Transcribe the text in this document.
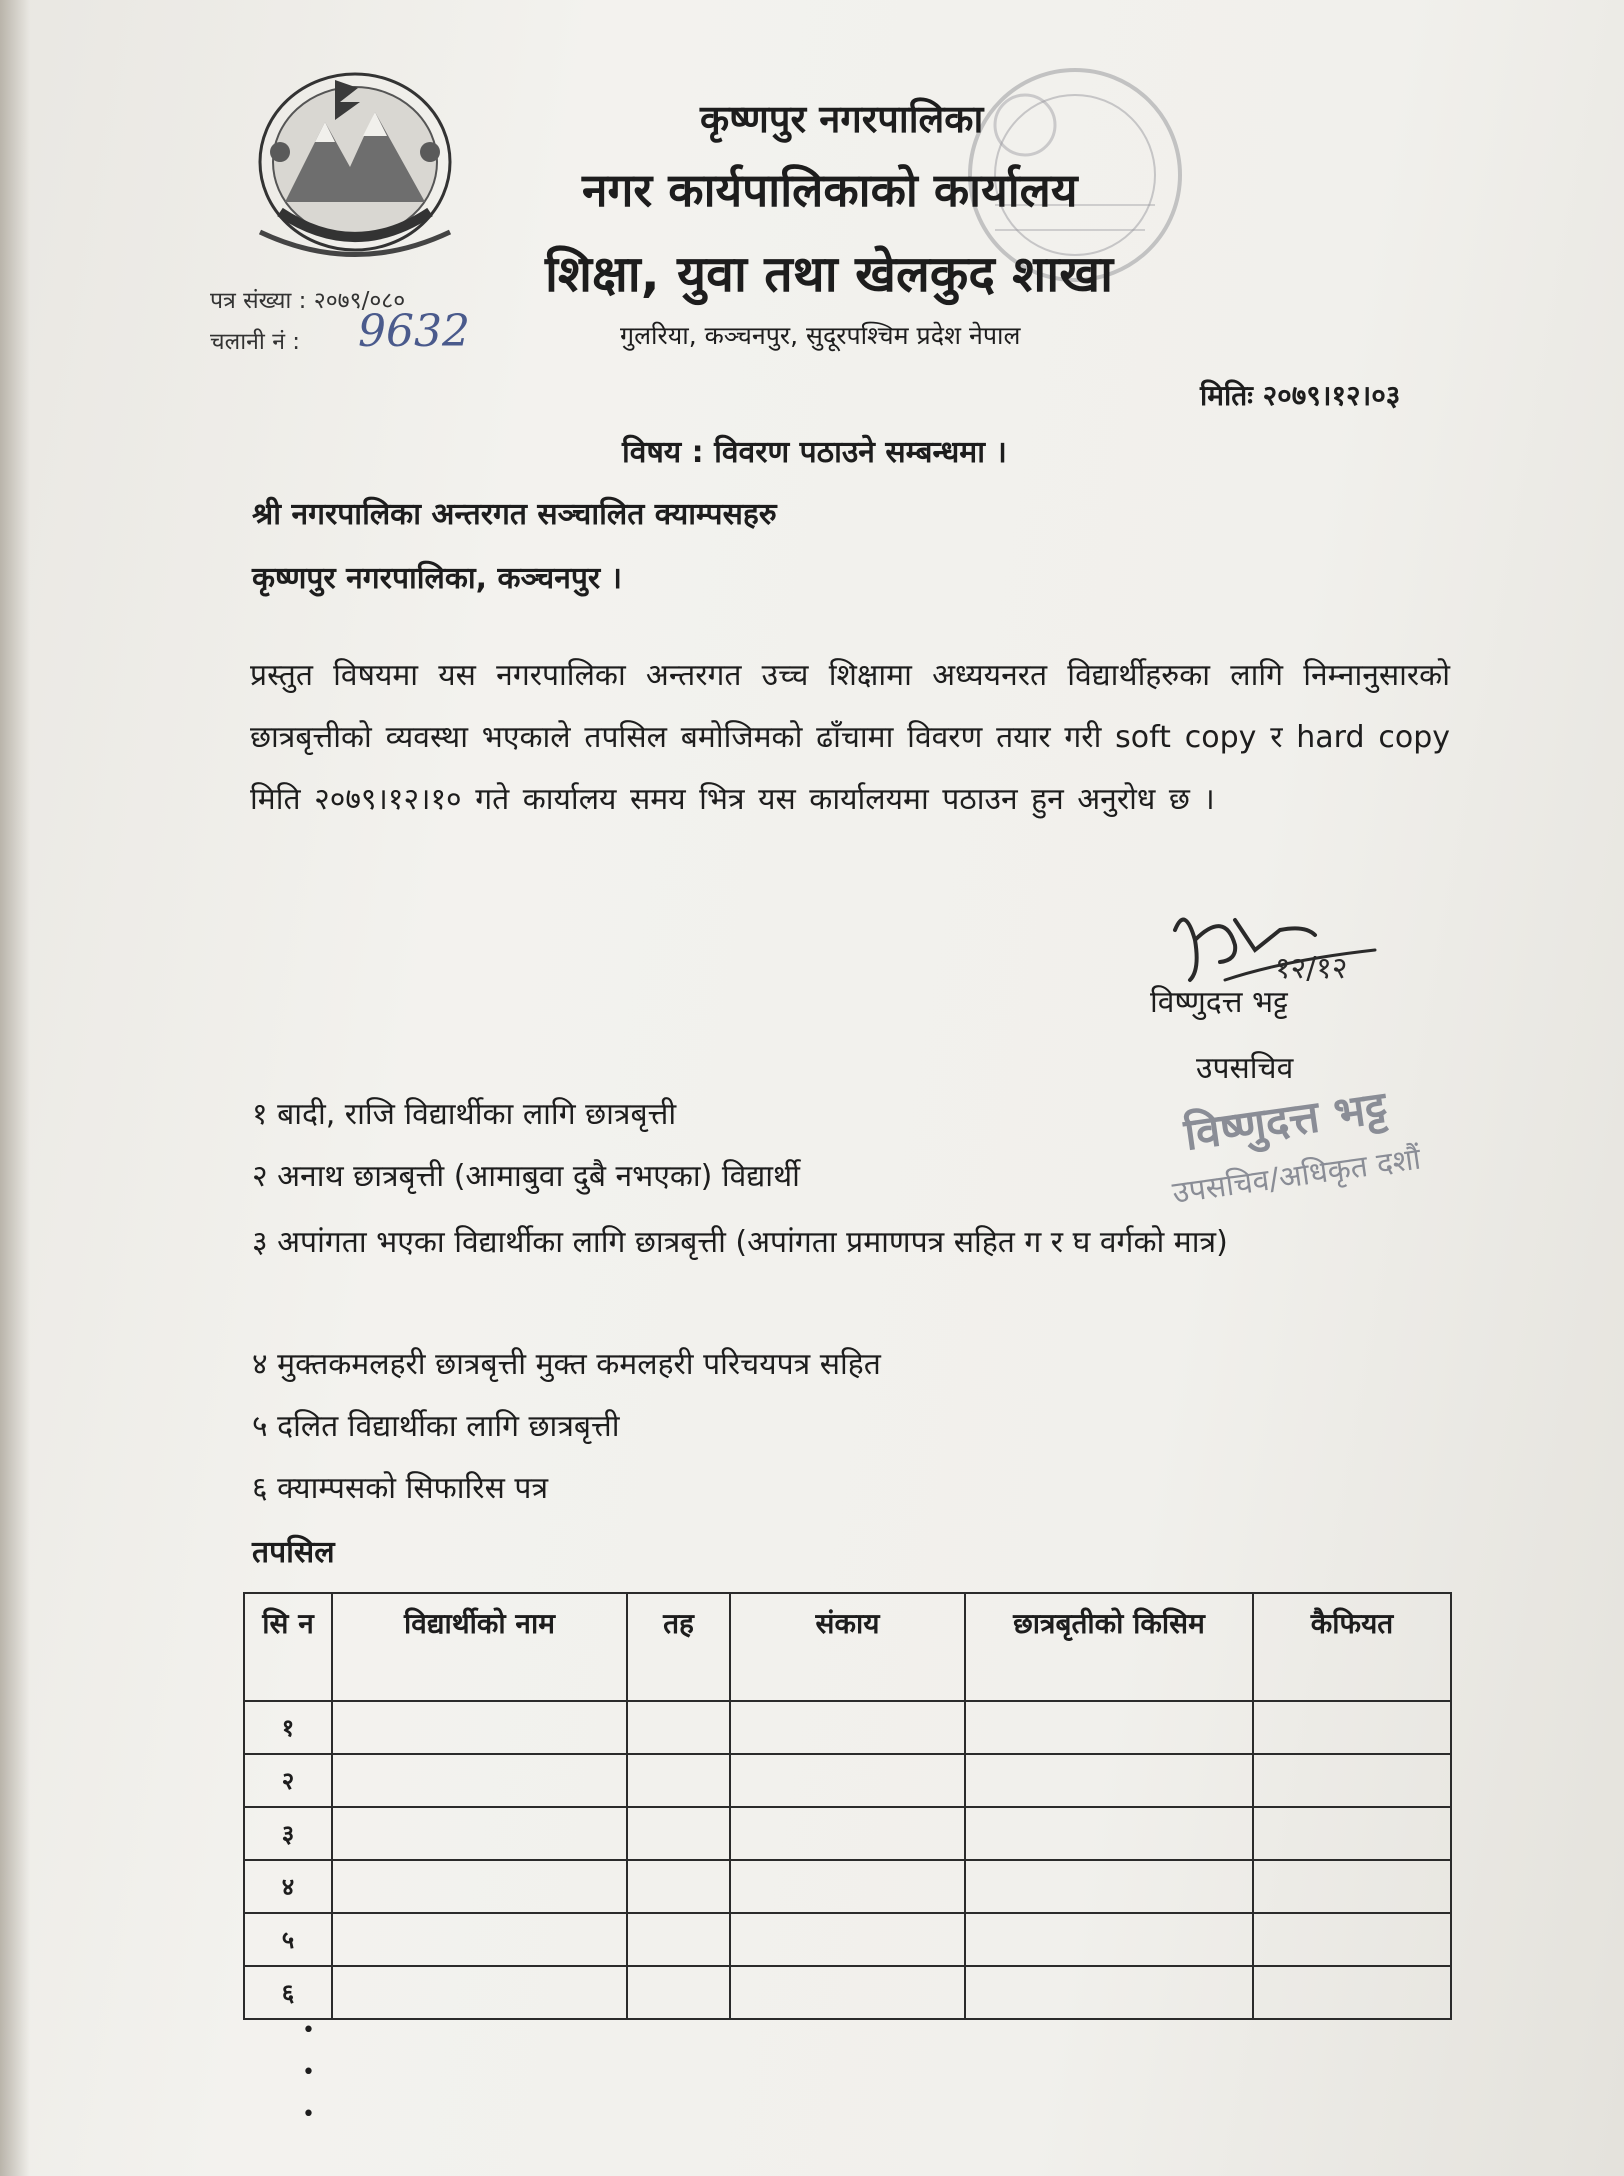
कृष्णपुर नगरपालिका
नगर कार्यपालिकाको कार्यालय
शिक्षा, युवा तथा खेलकुद शाखा
गुलरिया, कञ्चनपुर, सुदूरपश्चिम प्रदेश नेपाल
पत्र संख्या : २०७९/०८०
चलानी नं : 9632
मितिः २०७९।१२।०३
विषय : विवरण पठाउने सम्बन्धमा ।
श्री नगरपालिका अन्तरगत सञ्चालित क्याम्पसहरु
कृष्णपुर नगरपालिका, कञ्चनपुर ।
प्रस्तुत विषयमा यस नगरपालिका अन्तरगत उच्च शिक्षामा अध्ययनरत विद्यार्थीहरुका लागि निम्नानुसारको छात्रबृत्तीको व्यवस्था भएकाले तपसिल बमोजिमको ढाँचामा विवरण तयार गरी soft copy र hard copy मिति २०७९।१२।१० गते कार्यालय समय भित्र यस कार्यालयमा पठाउन हुन अनुरोध छ ।
१२/१२
विष्णुदत्त भट्ट
उपसचिव
विष्णुदत्त भट्ट
उपसचिव/अधिकृत दशौं
१ बादी, राजि विद्यार्थीका लागि छात्रबृत्ती
२ अनाथ छात्रबृत्ती (आमाबुवा दुबै नभएका) विद्यार्थी
३ अपांगता भएका विद्यार्थीका लागि छात्रबृत्ती (अपांगता प्रमाणपत्र सहित ग र घ वर्गको मात्र)
४ मुक्तकमलहरी छात्रबृत्ती मुक्त कमलहरी परिचयपत्र सहित
५ दलित विद्यार्थीका लागि छात्रबृत्ती
६ क्याम्पसको सिफारिस पत्र
तपसिल
सि न	विद्यार्थीको नाम	तह	संकाय	छात्रबृतीको किसिम	कैफियत
१					
२					
३					
४					
५					
६					
•
•
•
